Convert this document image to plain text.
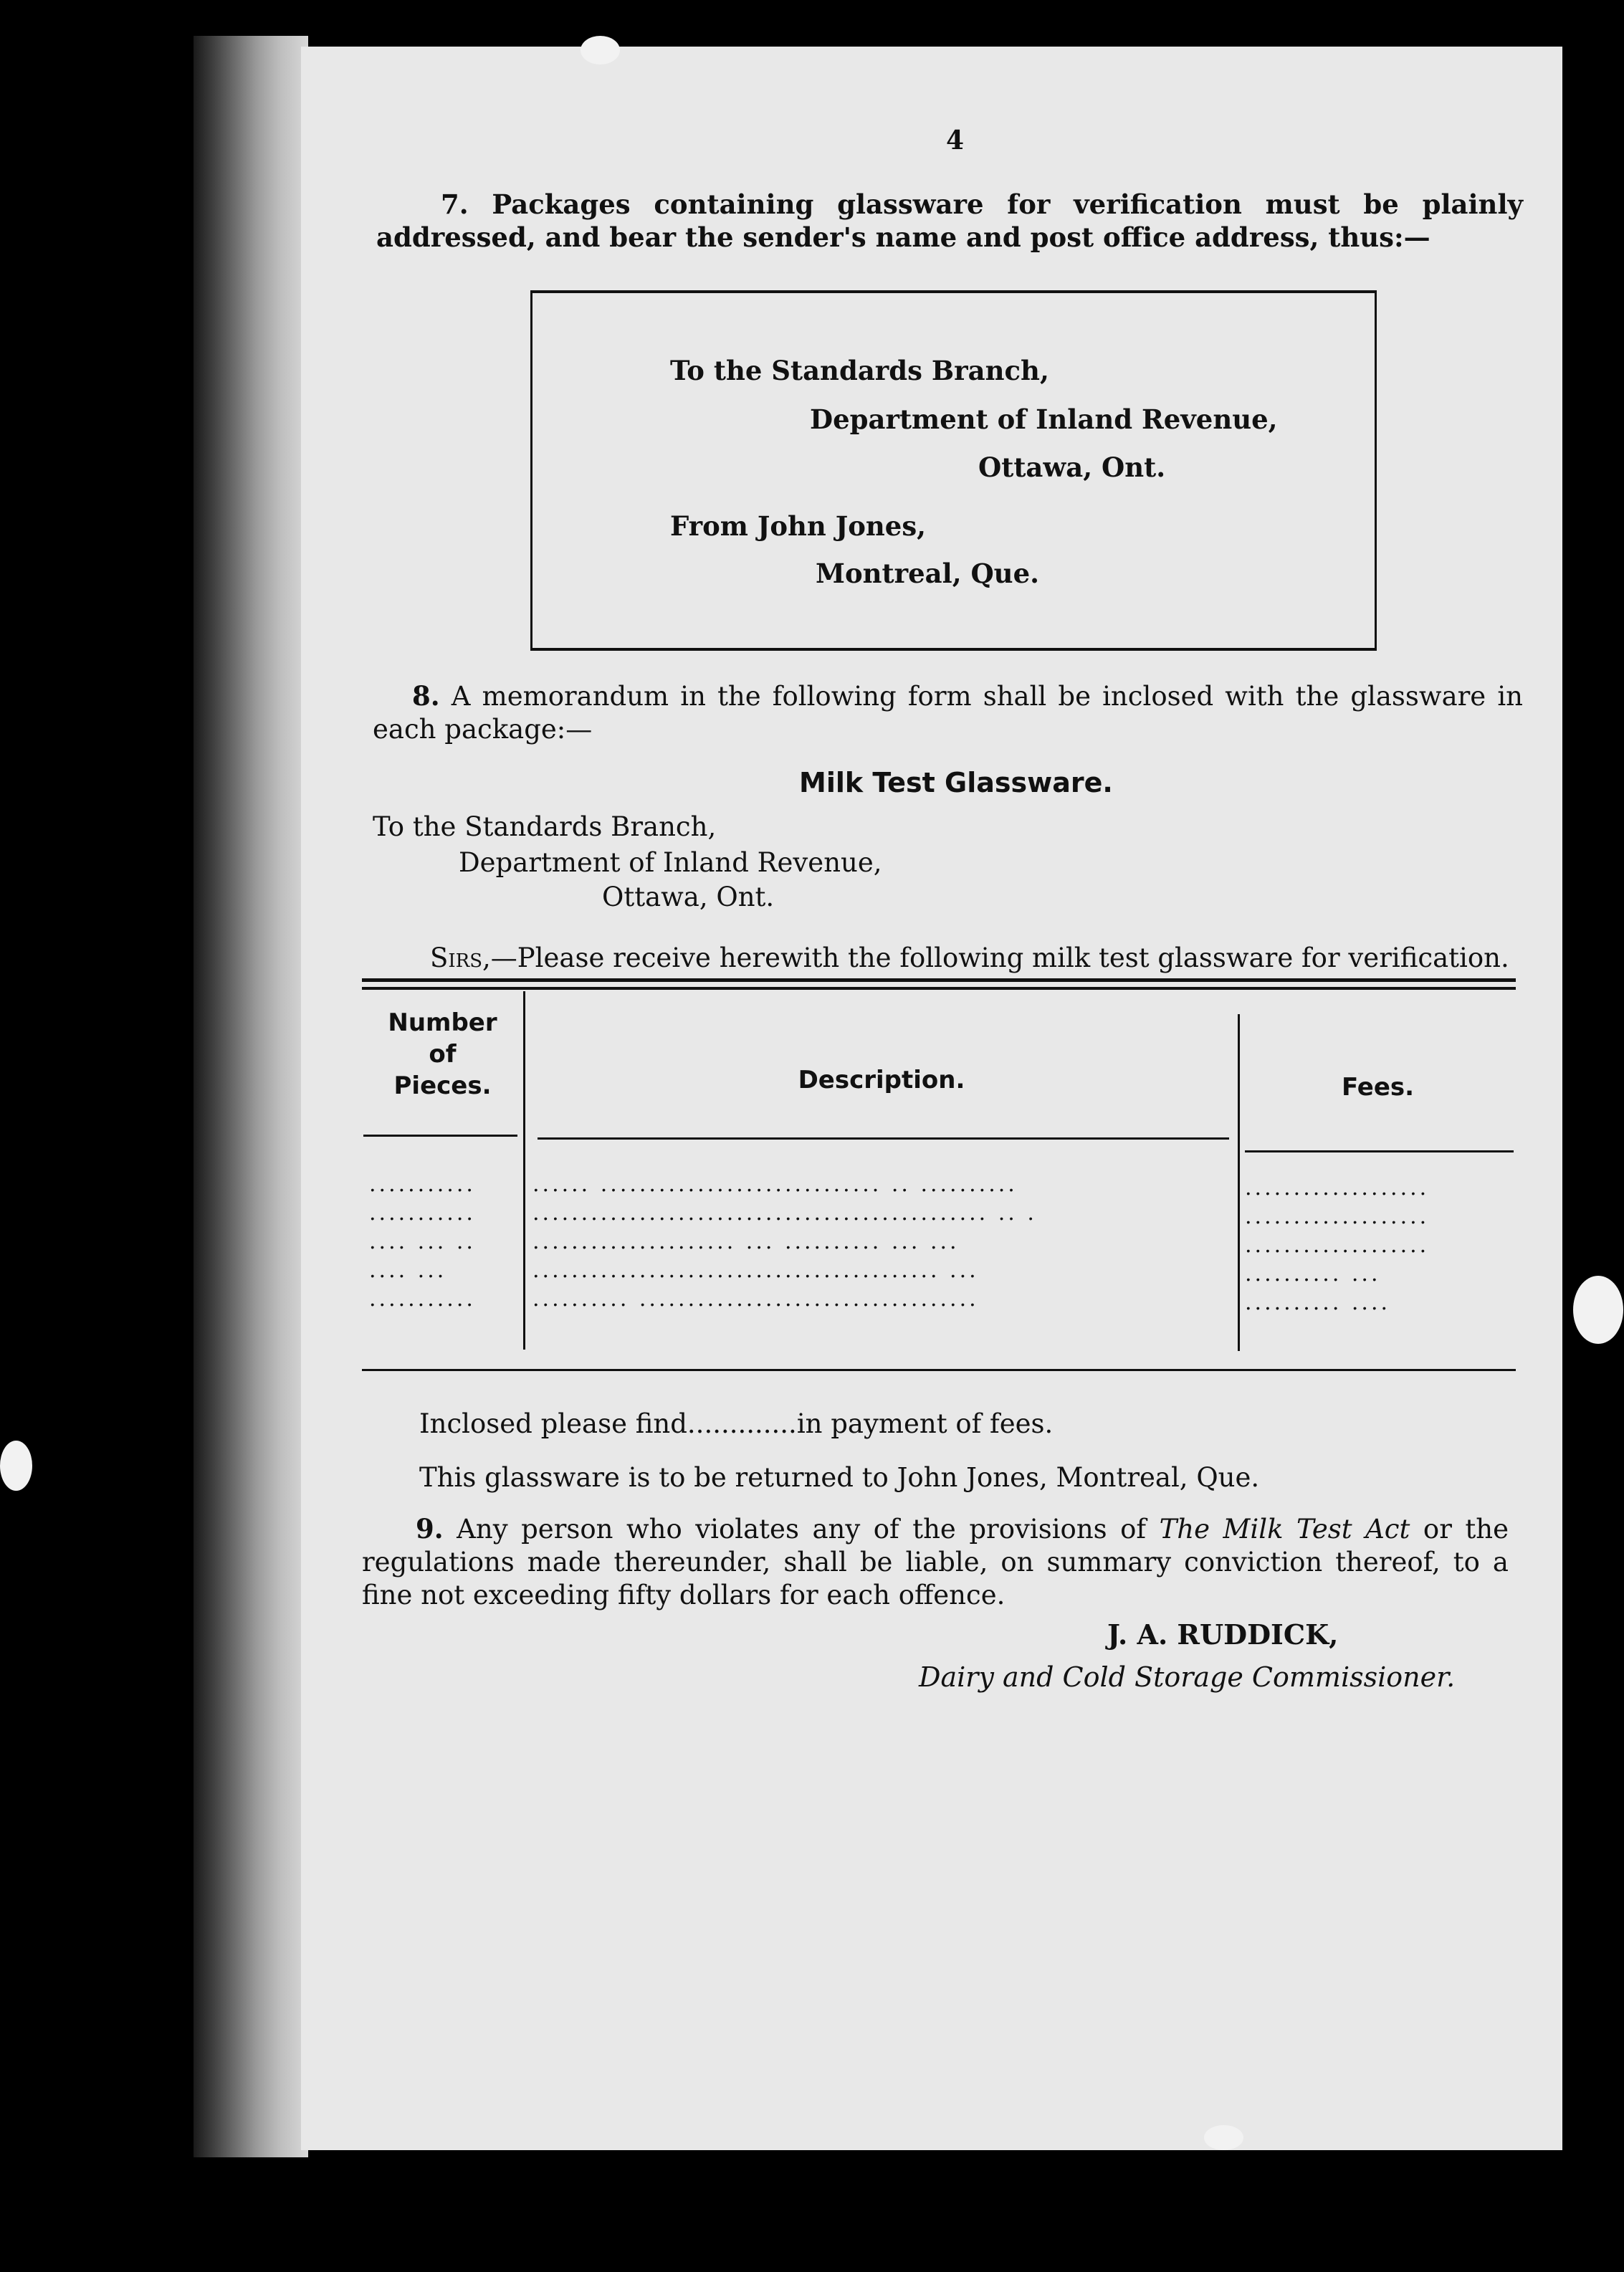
4
7. Packages containing glassware for verification must be plainly addressed, and bear the sender's name and post office address, thus:—
To the Standards Branch,
Department of Inland Revenue,
Ottawa, Ont.
From John Jones,
Montreal, Que.
8. A memorandum in the following form shall be inclosed with the glassware in each package:—
Milk Test Glassware.
To the Standards Branch,
Department of Inland Revenue,
Ottawa, Ont.
Sirs,—Please receive herewith the following milk test glassware for verification.
Number
of
Pieces.	Description.	Fees.
...........
...........
.... ... ..
.... ...
...........
...... ............................. .. ..........
............................................... .. .
..................... ... .......... ... ...
.......................................... ...
.......... ...................................
...................
...................
...................
.......... ...
.......... ....
Inclosed please find.............in payment of fees.
This glassware is to be returned to John Jones, Montreal, Que.
9. Any person who violates any of the provisions of The Milk Test Act or the regulations made thereunder, shall be liable, on summary conviction thereof, to a fine not exceeding fifty dollars for each offence.
J. A. RUDDICK,
Dairy and Cold Storage Commissioner.
